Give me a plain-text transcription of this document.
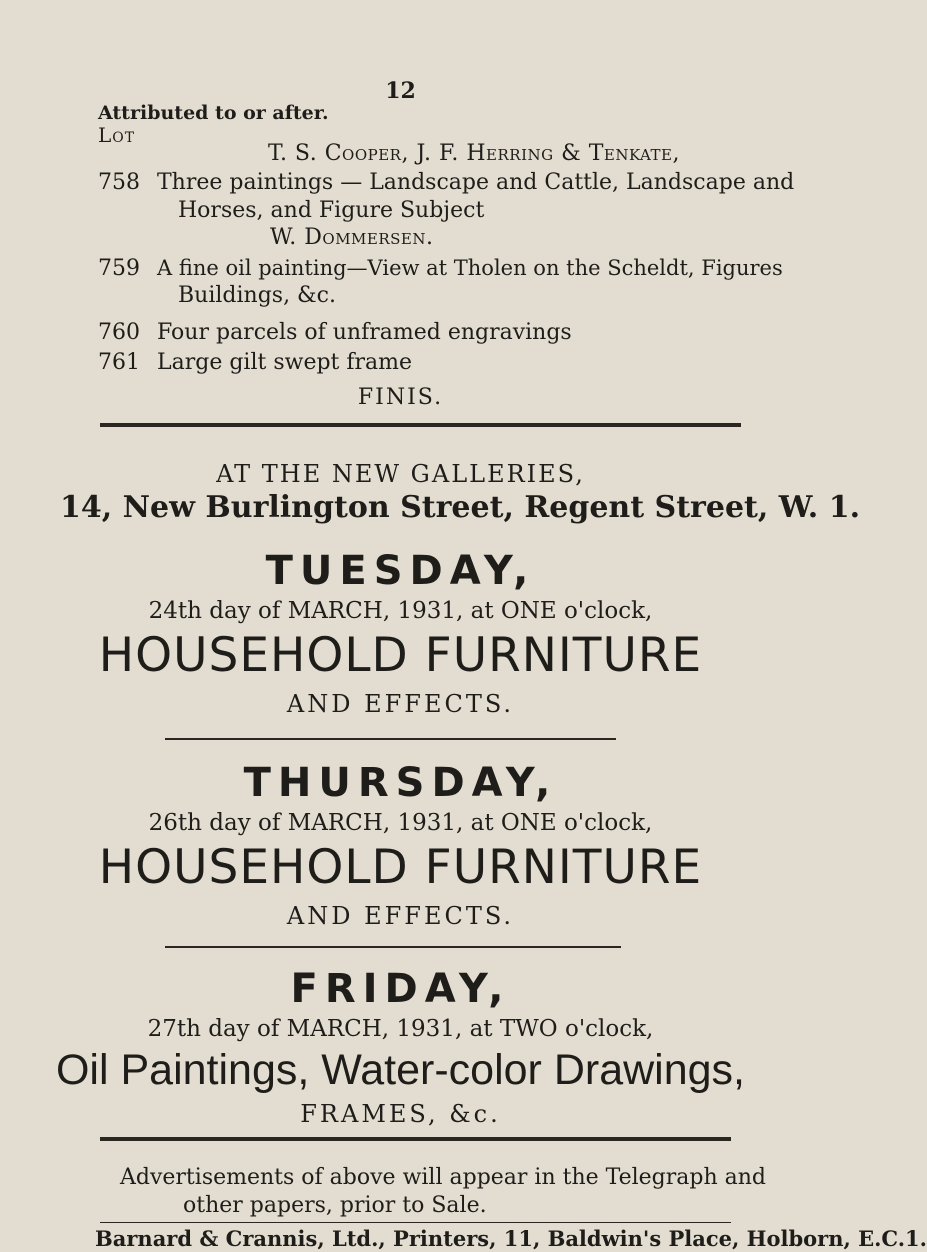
12
Attributed to or after.
Lot
T. S. Cooper, J. F. Herring & Tenkate,
758 Three paintings — Landscape and Cattle, Landscape and
Horses, and Figure Subject
W. Dommersen.
759 A fine oil painting—View at Tholen on the Scheldt, Figures
Buildings, &c.
760 Four parcels of unframed engravings
761 Large gilt swept frame
FINIS.
AT THE NEW GALLERIES,
14, New Burlington Street, Regent Street, W. 1.
TUESDAY,
24th day of MARCH, 1931, at ONE o'clock,
HOUSEHOLD FURNITURE
AND EFFECTS.
THURSDAY,
26th day of MARCH, 1931, at ONE o'clock,
HOUSEHOLD FURNITURE
AND EFFECTS.
FRIDAY,
27th day of MARCH, 1931, at TWO o'clock,
Oil Paintings, Water-color Drawings,
FRAMES, &c.
Advertisements of above will appear in the Telegraph and
other papers, prior to Sale.
Barnard & Crannis, Ltd., Printers, 11, Baldwin's Place, Holborn, E.C.1.
